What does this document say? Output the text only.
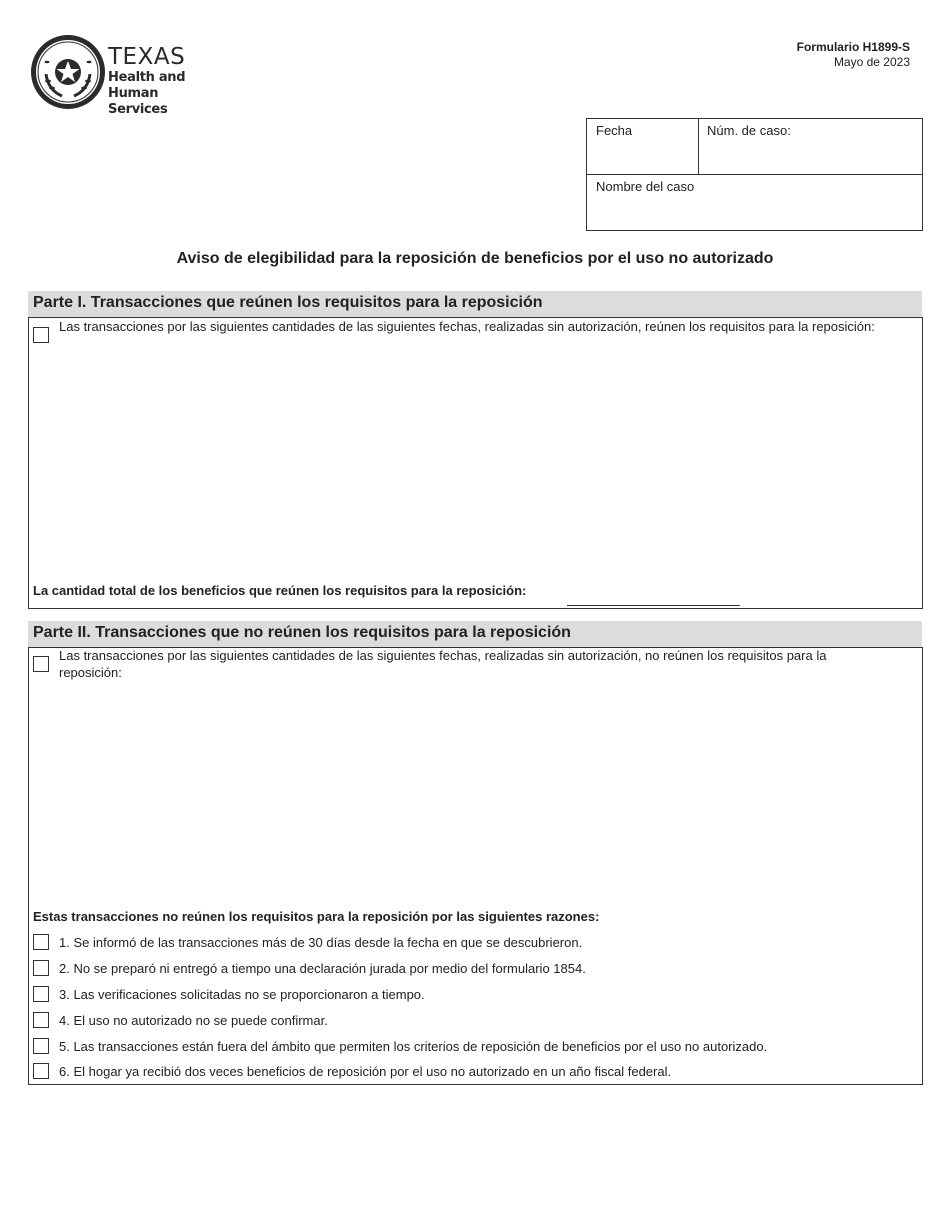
TEXAS
Health and Human
Services
Formulario H1899-S
Mayo de 2023
Fecha	Núm. de caso:
Nombre del caso
Aviso de elegibilidad para la reposición de beneficios por el uso no autorizado
Parte I. Transacciones que reúnen los requisitos para la reposición
Las transacciones por las siguientes cantidades de las siguientes fechas, realizadas sin autorización, reúnen los requisitos para la reposición:
La cantidad total de los beneficios que reúnen los requisitos para la reposición:
Parte II. Transacciones que no reúnen los requisitos para la reposición
Las transacciones por las siguientes cantidades de las siguientes fechas, realizadas sin autorización, no reúnen los requisitos para la reposición:
Estas transacciones no reúnen los requisitos para la reposición por las siguientes razones:
1. Se informó de las transacciones más de 30 días desde la fecha en que se descubrieron.
2. No se preparó ni entregó a tiempo una declaración jurada por medio del formulario 1854.
3. Las verificaciones solicitadas no se proporcionaron a tiempo.
4. El uso no autorizado no se puede confirmar.
5. Las transacciones están fuera del ámbito que permiten los criterios de reposición de beneficios por el uso no autorizado.
6. El hogar ya recibió dos veces beneficios de reposición por el uso no autorizado en un año fiscal federal.
